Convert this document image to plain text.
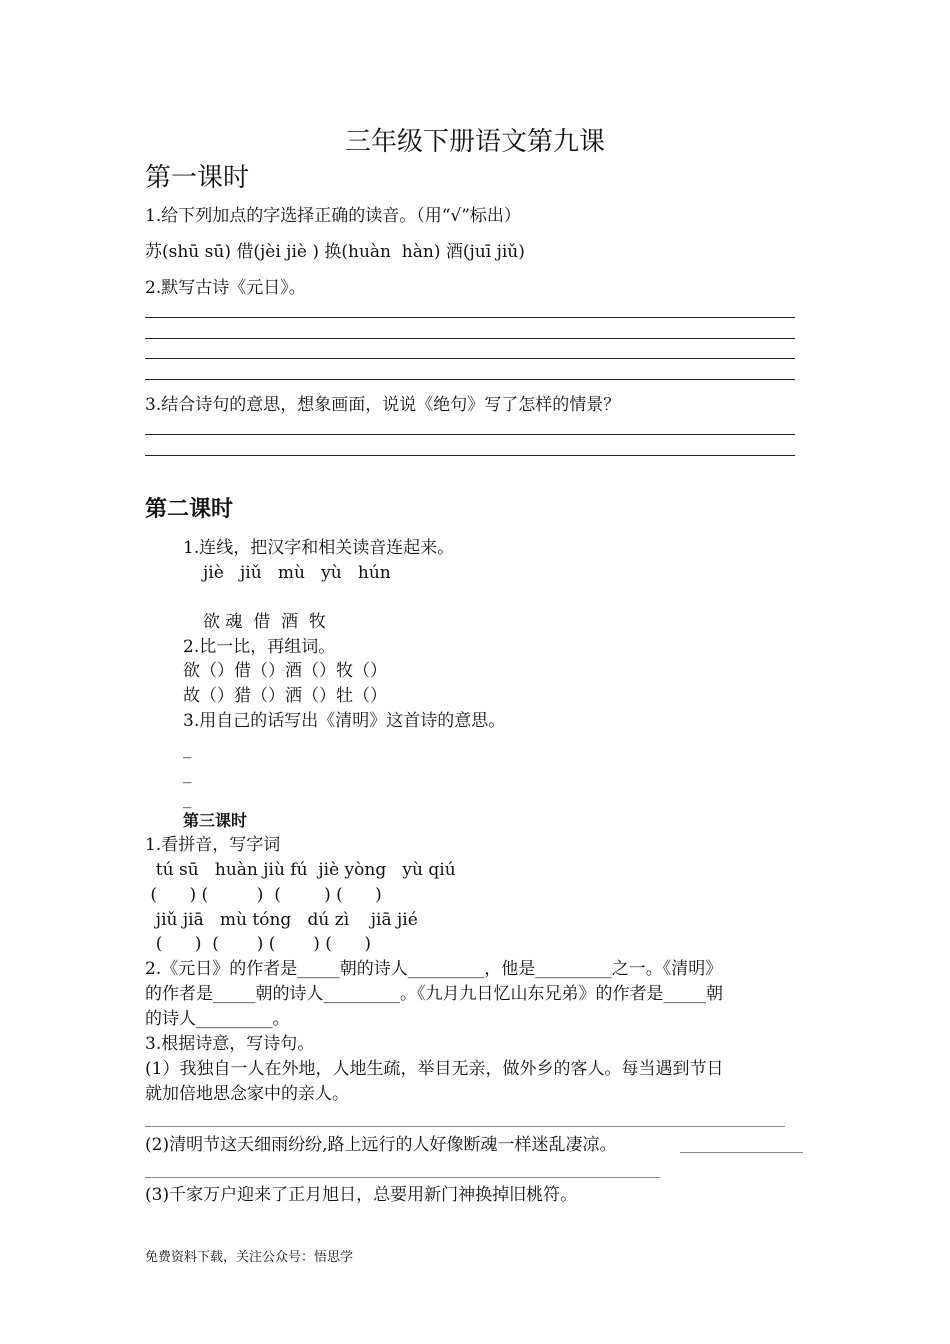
三年级下册语文第九课
第一课时
1.给下列加点的字选择正确的读音。（用“√”标出）
苏(shū sū) 借(jèi jiè ) 换(huàn  hàn) 酒(juī jiǔ)
2.默写古诗《元日》。
3.结合诗句的意思，想象画面，说说《绝句》写了怎样的情景？
第二课时
1.连线，把汉字和相关读音连起来。
jiè   jiǔ   mù   yù   hún
欲 魂  借  酒  牧
2.比一比，再组词。
欲（）借（）酒（）牧（）
故（）猎（）洒（）牡（）
3.用自己的话写出《清明》这首诗的意思。
_
_
_
第三课时
1.看拼音，写字词
tú sū   huàn jiù fú  jiè yòng   yù qiú
(      ) (         )  (        ) (      )
jiǔ jiā   mù tóng   dú zì    jiā jié
(      )  (       ) (       ) (      )
2.《元日》的作者是_____朝的诗人_________，他是_________之一。《清明》
的作者是_____朝的诗人_________。《九月九日忆山东兄弟》的作者是_____朝
的诗人_________。
3.根据诗意，写诗句。
(1）我独自一人在外地，人地生疏，举目无亲，做外乡的客人。每当遇到节日
就加倍地思念家中的亲人。
(2)清明节这天细雨纷纷,路上远行的人好像断魂一样迷乱凄凉。
(3)千家万户迎来了正月旭日，总要用新门神换掉旧桃符。
免费资料下载，关注公众号：悟思学
